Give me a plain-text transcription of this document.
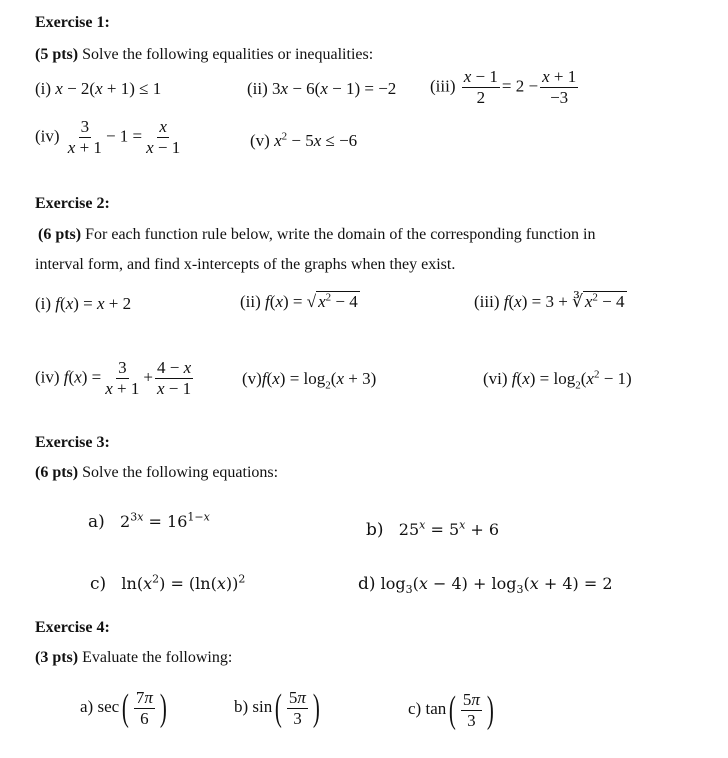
Exercise 1:
(5 pts) Solve the following equalities or inequalities:
(i) x − 2(x + 1) ≤ 1	(ii) 3x − 6(x − 1) = −2 $(iii) \frac{x - 1}{2} = 2 - \frac{x + 1}{-3}$
$(iv) \frac{3}{x + 1} - 1 = \frac{x}{x - 1}$	(v) $x^2 - 5x \le -6$
Exercise 2:
(6 pts) For each function rule below, write the domain of the corresponding function in
interval form, and find x-intercepts of the graphs when they exist.
(i) f(x) = x + 2	(ii) f(x) = √ $x^2 - 4$	(iii) f(x) = 3 + ∛ $x^2 - 4$
(iv) $f(x) = \frac{3}{x + 1} + \frac{4 - x}{x - 1}$	$(v)f(x) = \log_2(x + 3)$	(vi) $f(x) = \log_2(x^2 - 1)$
Exercise 3:
(6 pts) Solve the following equations:
a)   $2^{3x} = 16^{1-x}$
b)   $25^x = 5^x + 6$
c)   $\ln(x^2) = (\ln(x))^2$	d) $\log_3(x - 4) + \log_3(x + 4) = 2$
Exercise 4:
(3 pts) Evaluate the following:
a) $\sec( \frac{7\pi}{6}$ )	b) $\sin( \frac{5\pi}{3}$ )	c) $\tan( \frac{5\pi}{3}$ )
